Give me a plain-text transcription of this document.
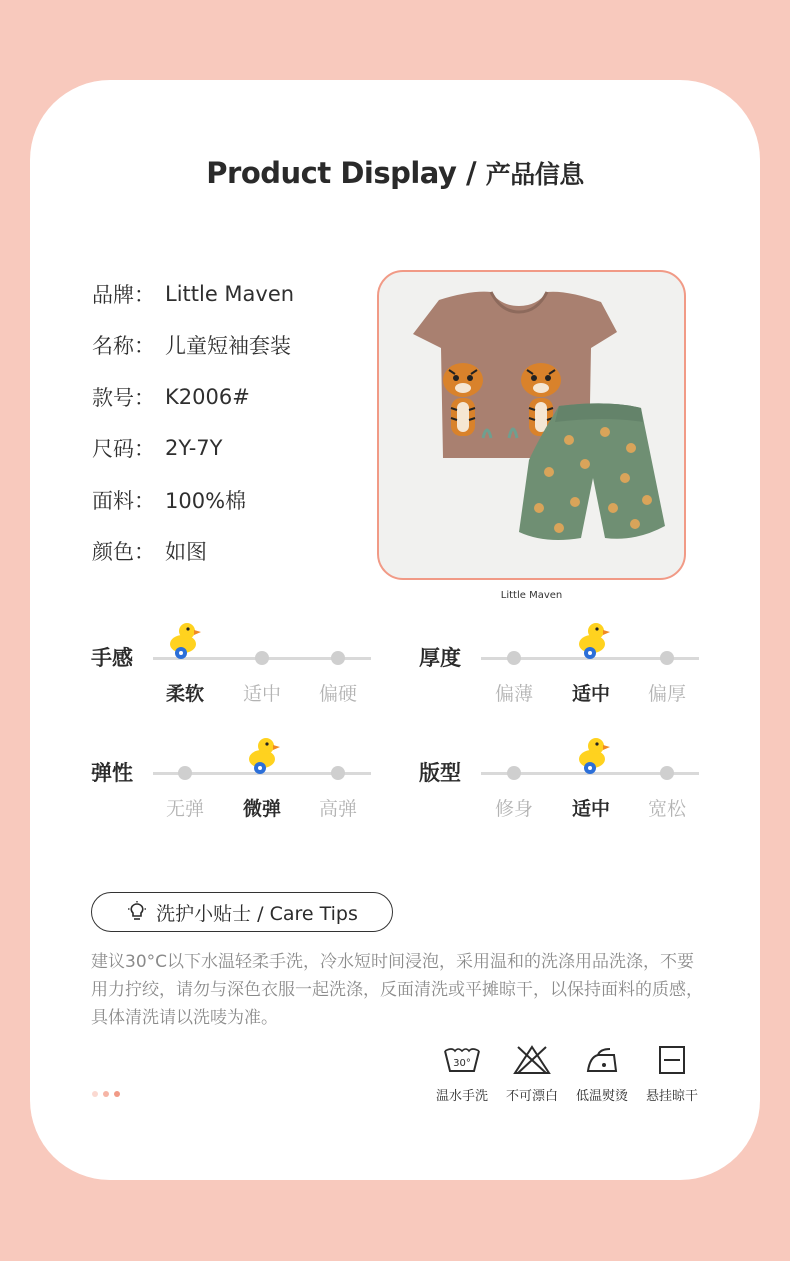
Product Display / 产品信息
品牌： Little Maven
名称： 儿童短袖套装
款号： K2006#
尺码： 2Y-7Y
面料： 100%棉
颜色： 如图
Little Maven
手感
柔软	适中	偏硬
厚度
偏薄	适中	偏厚
弹性
无弹	微弹	高弹
版型
修身	适中	宽松
洗护小贴士 / Care Tips
建议30°C以下水温轻柔手洗，冷水短时间浸泡，采用温和的洗涤用品洗涤，不要用力拧绞，请勿与深色衣服一起洗涤，反面清洗或平摊晾干，以保持面料的质感，具体清洗请以洗唛为准。
30°
温水手洗	不可漂白	低温熨烫	悬挂晾干
